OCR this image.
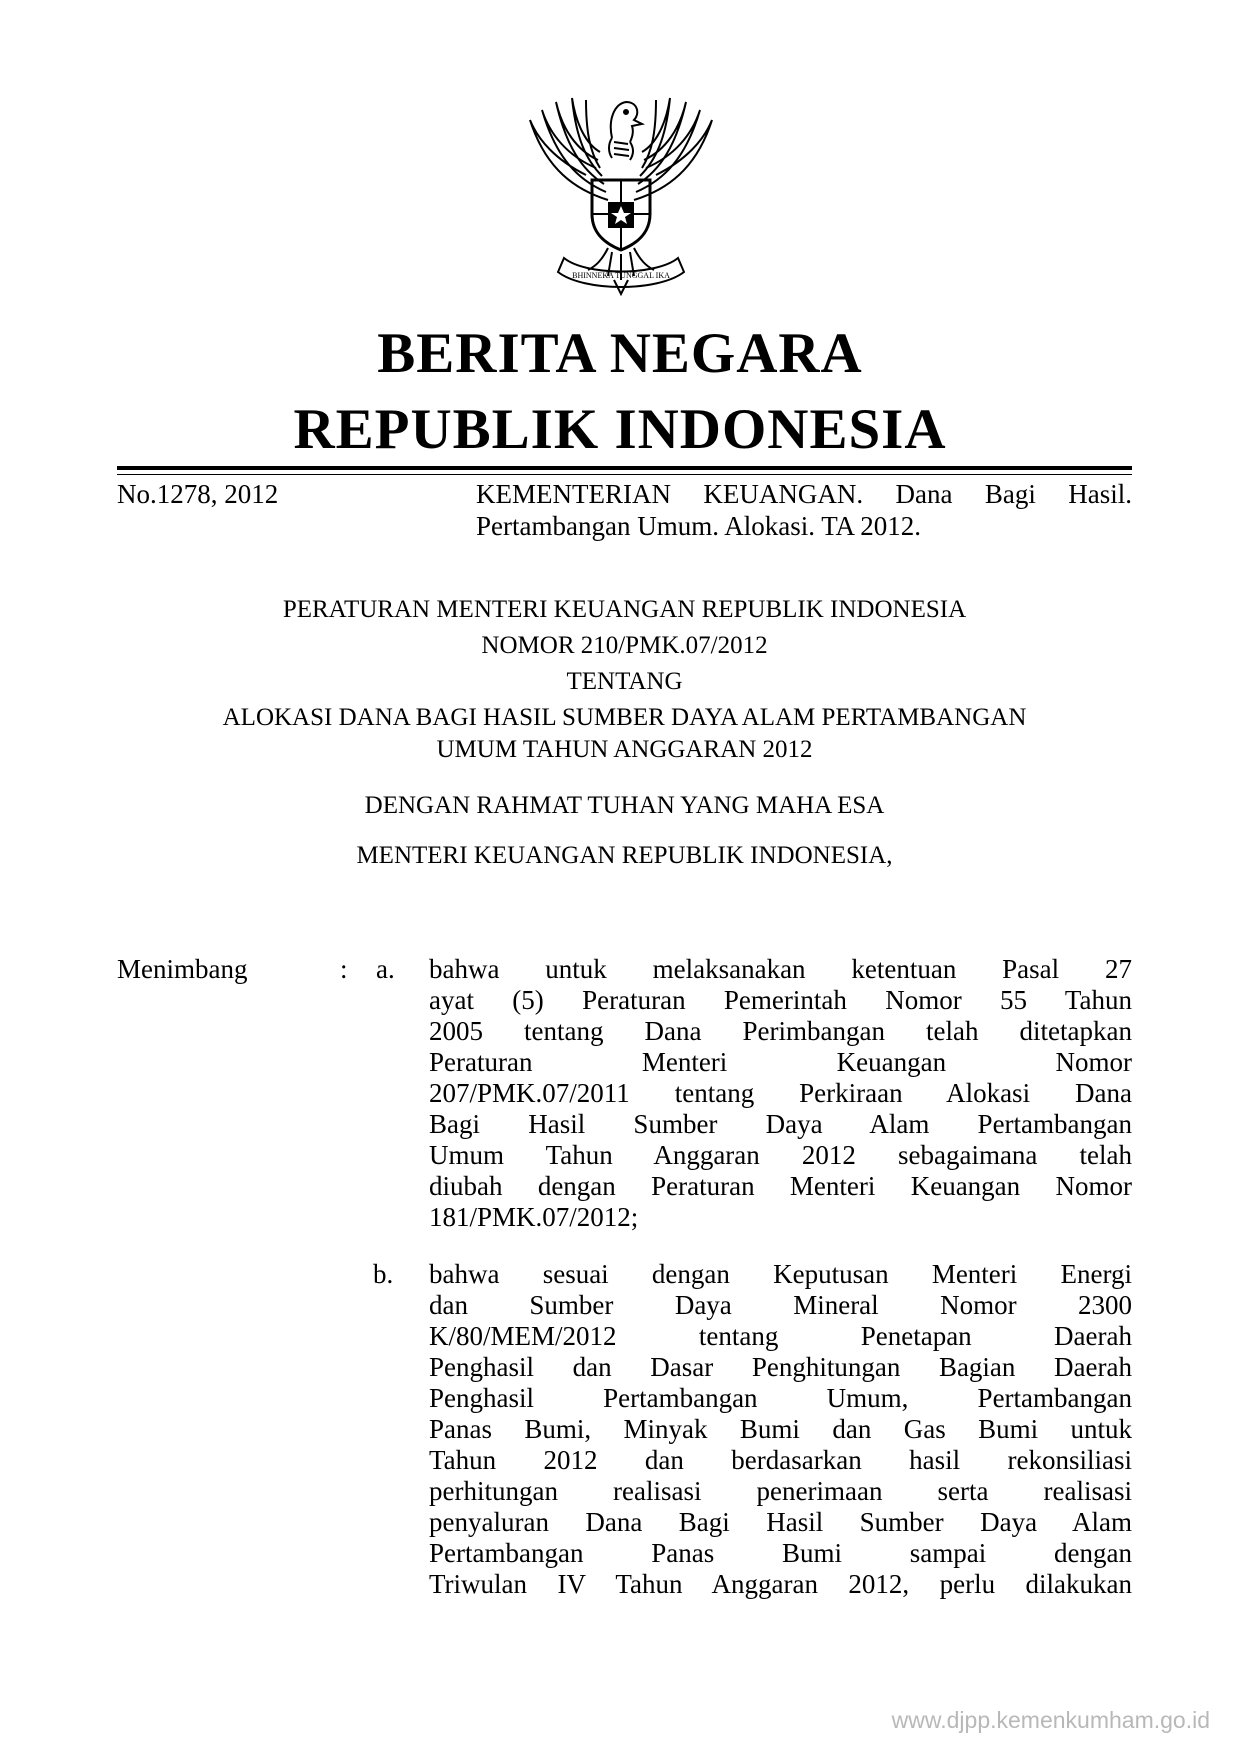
BHINNEKA TUNGGAL IKA
BERITA NEGARA
REPUBLIK INDONESIA
No.1278, 2012	KEMENTERIAN KEUANGAN. Dana Bagi Hasil.
Pertambangan Umum. Alokasi. TA 2012.
PERATURAN MENTERI KEUANGAN REPUBLIK INDONESIA
NOMOR 210/PMK.07/2012
TENTANG
ALOKASI DANA BAGI HASIL SUMBER DAYA ALAM PERTAMBANGAN
UMUM TAHUN ANGGARAN 2012
DENGAN RAHMAT TUHAN YANG MAHA ESA
MENTERI KEUANGAN REPUBLIK INDONESIA,
Menimbang	: a. bahwa untuk melaksanakan ketentuan Pasal 27
ayat (5) Peraturan Pemerintah Nomor 55 Tahun
2005 tentang Dana Perimbangan telah ditetapkan
Peraturan Menteri Keuangan Nomor
207/PMK.07/2011 tentang Perkiraan Alokasi Dana
Bagi Hasil Sumber Daya Alam Pertambangan
Umum Tahun Anggaran 2012 sebagaimana telah
diubah dengan Peraturan Menteri Keuangan Nomor
181/PMK.07/2012;
b. bahwa sesuai dengan Keputusan Menteri Energi
dan Sumber Daya Mineral Nomor 2300
K/80/MEM/2012 tentang Penetapan Daerah
Penghasil dan Dasar Penghitungan Bagian Daerah
Penghasil Pertambangan Umum, Pertambangan
Panas Bumi, Minyak Bumi dan Gas Bumi untuk
Tahun 2012 dan berdasarkan hasil rekonsiliasi
perhitungan realisasi penerimaan serta realisasi
penyaluran Dana Bagi Hasil Sumber Daya Alam
Pertambangan Panas Bumi sampai dengan
Triwulan IV Tahun Anggaran 2012, perlu dilakukan
www.djpp.kemenkumham.go.id
